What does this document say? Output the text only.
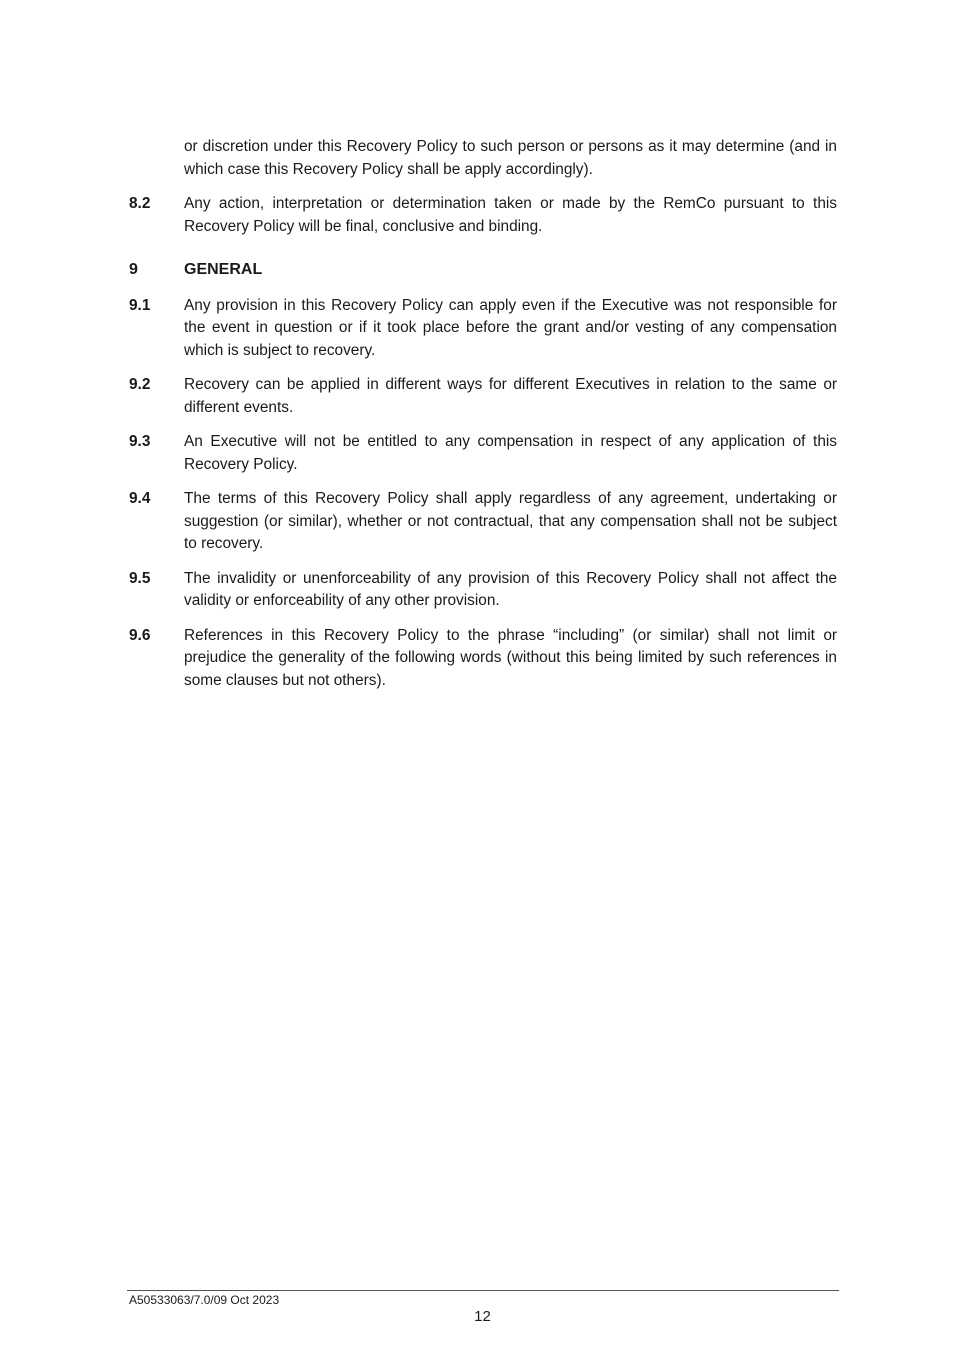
or discretion under this Recovery Policy to such person or persons as it may determine (and in which case this Recovery Policy shall be apply accordingly).
8.2	Any action, interpretation or determination taken or made by the RemCo pursuant to this Recovery Policy will be final, conclusive and binding.
9	GENERAL
9.1	Any provision in this Recovery Policy can apply even if the Executive was not responsible for the event in question or if it took place before the grant and/or vesting of any compensation which is subject to recovery.
9.2	Recovery can be applied in different ways for different Executives in relation to the same or different events.
9.3	An Executive will not be entitled to any compensation in respect of any application of this Recovery Policy.
9.4	The terms of this Recovery Policy shall apply regardless of any agreement, undertaking or suggestion (or similar), whether or not contractual, that any compensation shall not be subject to recovery.
9.5	The invalidity or unenforceability of any provision of this Recovery Policy shall not affect the validity or enforceability of any other provision.
9.6	References in this Recovery Policy to the phrase “including” (or similar) shall not limit or prejudice the generality of the following words (without this being limited by such references in some clauses but not others).
A50533063/7.0/09 Oct 2023
12
